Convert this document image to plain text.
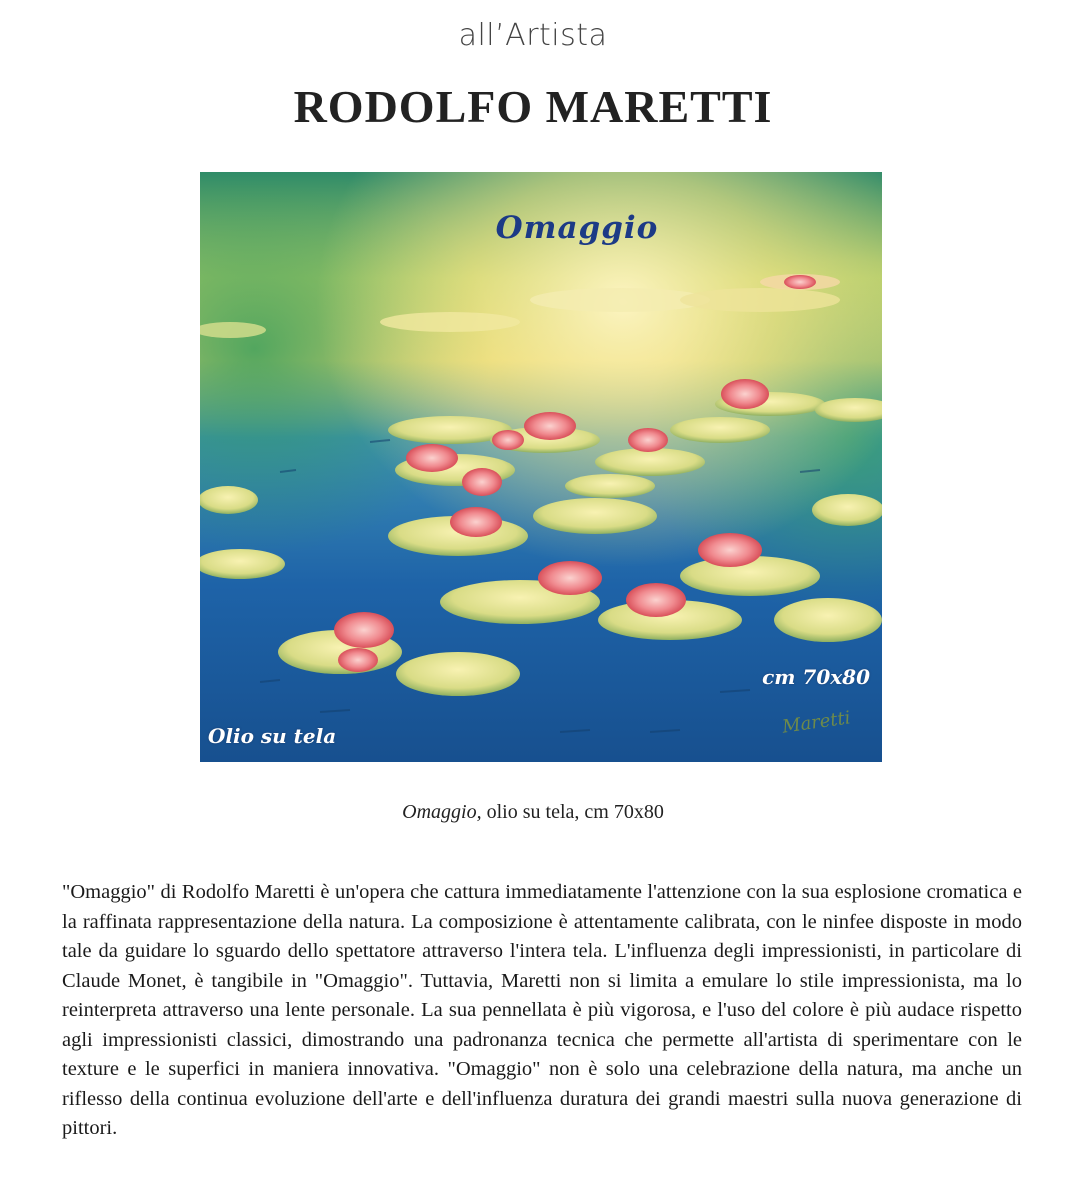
all’Artista
RODOLFO MARETTI
Omaggio
cm 70x80
Olio su tela	Maretti
Omaggio, olio su tela, cm 70x80

"Omaggio" di Rodolfo Maretti è un'opera che cattura immediatamente l'attenzione con la sua esplosione cromatica e la raffinata rappresentazione della natura. La composizione è attentamente calibrata, con le ninfee disposte in modo tale da guidare lo sguardo dello spettatore attraverso l'intera tela. L'influenza degli impressionisti, in particolare di Claude Monet, è tangibile in "Omaggio". Tuttavia, Maretti non si limita a emulare lo stile impressionista, ma lo reinterpreta attraverso una lente personale. La sua pennellata è più vigorosa, e l'uso del colore è più audace rispetto agli impressionisti classici, dimostrando una padronanza tecnica che permette all'artista di sperimentare con le texture e le superfici in maniera innovativa. "Omaggio" non è solo una celebrazione della natura, ma anche un riflesso della continua evoluzione dell'arte e dell'influenza duratura dei grandi maestri sulla nuova generazione di pittori.
